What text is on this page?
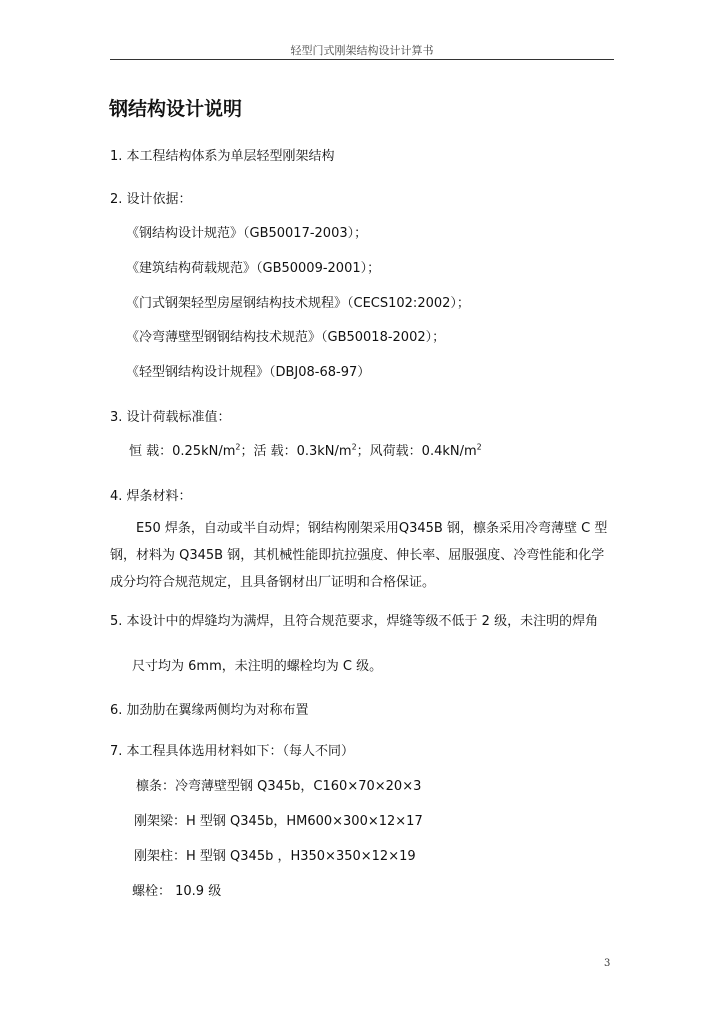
轻型门式刚架结构设计计算书
钢结构设计说明
1. 本工程结构体系为单层轻型刚架结构
2. 设计依据：
《钢结构设计规范》（GB50017-2003）；
《建筑结构荷载规范》（GB50009-2001）；
《门式钢架轻型房屋钢结构技术规程》（CECS102:2002）；
《冷弯薄壁型钢钢结构技术规范》（GB50018-2002）；
《轻型钢结构设计规程》（DBJ08-68-97）
3. 设计荷载标准值：
恒 载：$0.25kN/m^2$；活 载：$0.3kN/m^2$；风荷载：$0.4kN/m^2$
4. 焊条材料：
E50 焊条，自动或半自动焊；钢结构刚架采用Q345B 钢，檩条采用冷弯薄壁 C 型钢，材料为 Q345B 钢，其机械性能即抗拉强度、伸长率、屈服强度、冷弯性能和化学成分均符合规范规定，且具备钢材出厂证明和合格保证。
5. 本设计中的焊缝均为满焊，且符合规范要求，焊缝等级不低于 2 级，未注明的焊角
尺寸均为 6mm，未注明的螺栓均为 C 级。
6. 加劲肋在翼缘两侧均为对称布置
7. 本工程具体选用材料如下：（每人不同）
檩条：冷弯薄壁型钢 Q345b，C160×70×20×3
刚架梁：H 型钢 Q345b，HM600×300×12×17
刚架柱：H 型钢 Q345b ，H350×350×12×19
螺栓： 10.9 级
3
